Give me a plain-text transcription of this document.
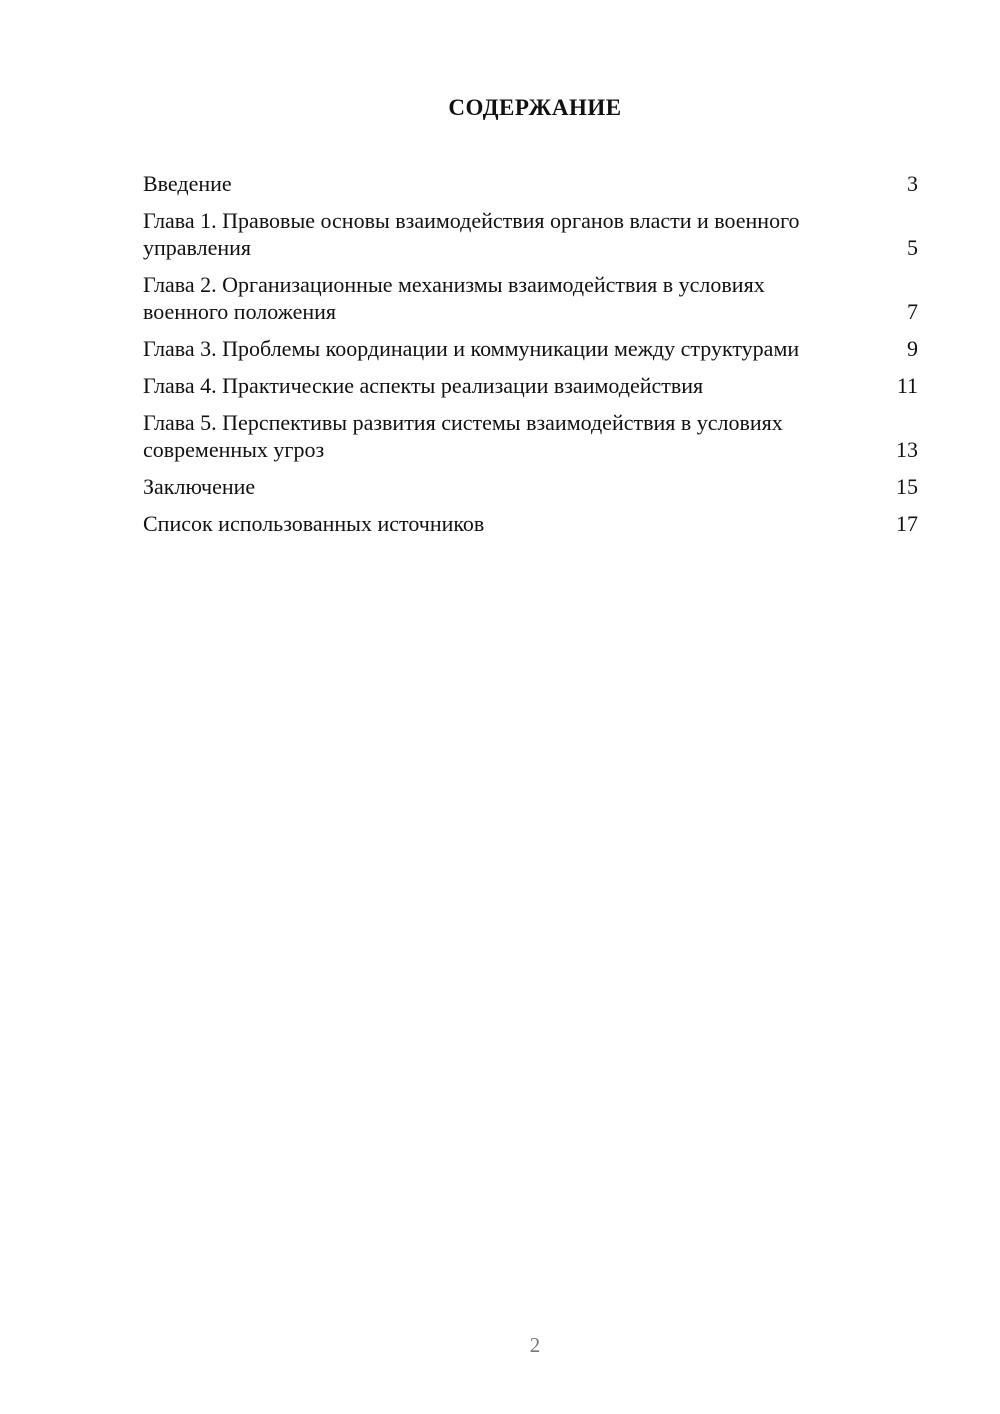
СОДЕРЖАНИЕ
Введение	3
Глава 1. Правовые основы взаимодействия органов власти и военного управления	5
Глава 2. Организационные механизмы взаимодействия в условиях военного положения	7
Глава 3. Проблемы координации и коммуникации между структурами	9
Глава 4. Практические аспекты реализации взаимодействия	11
Глава 5. Перспективы развития системы взаимодействия в условиях современных угроз	13
Заключение	15
Список использованных источников	17
2
